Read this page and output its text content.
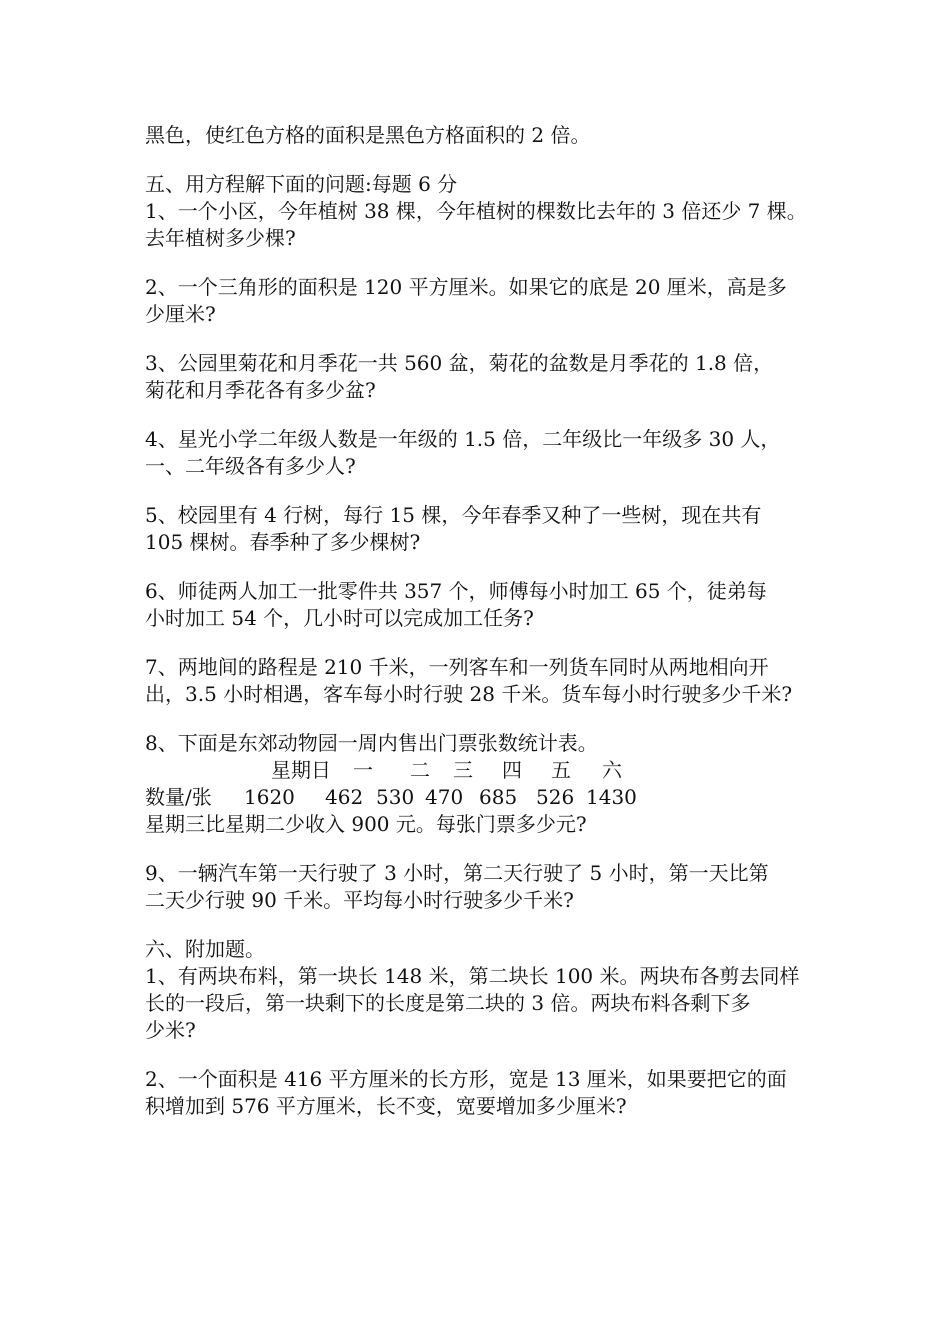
黑色，使红色方格的面积是黑色方格面积的 2 倍。
五、用方程解下面的问题:每题 6 分
1、一个小区，今年植树 38 棵，今年植树的棵数比去年的 3 倍还少 7 棵。
去年植树多少棵?
2、一个三角形的面积是 120 平方厘米。如果它的底是 20 厘米，高是多
少厘米?
3、公园里菊花和月季花一共 560 盆，菊花的盆数是月季花的 1.8 倍，
菊花和月季花各有多少盆?
4、星光小学二年级人数是一年级的 1.5 倍，二年级比一年级多 30 人，
一、二年级各有多少人?
5、校园里有 4 行树，每行 15 棵，今年春季又种了一些树，现在共有
105 棵树。春季种了多少棵树?
6、师徒两人加工一批零件共 357 个，师傅每小时加工 65 个，徒弟每
小时加工 54 个，几小时可以完成加工任务?
7、两地间的路程是 210 千米，一列客车和一列货车同时从两地相向开
出，3.5 小时相遇，客车每小时行驶 28 千米。货车每小时行驶多少千米?
8、下面是东郊动物园一周内售出门票张数统计表。
星期日 一 二 三 四 五 六
数量/张 1620 462 530 470 685 526 1430
星期三比星期二少收入 900 元。每张门票多少元?
9、一辆汽车第一天行驶了 3 小时，第二天行驶了 5 小时，第一天比第
二天少行驶 90 千米。平均每小时行驶多少千米?
六、附加题。
1、有两块布料，第一块长 148 米，第二块长 100 米。两块布各剪去同样
长的一段后，第一块剩下的长度是第二块的 3 倍。两块布料各剩下多
少米?
2、一个面积是 416 平方厘米的长方形，宽是 13 厘米，如果要把它的面
积增加到 576 平方厘米，长不变，宽要增加多少厘米?
